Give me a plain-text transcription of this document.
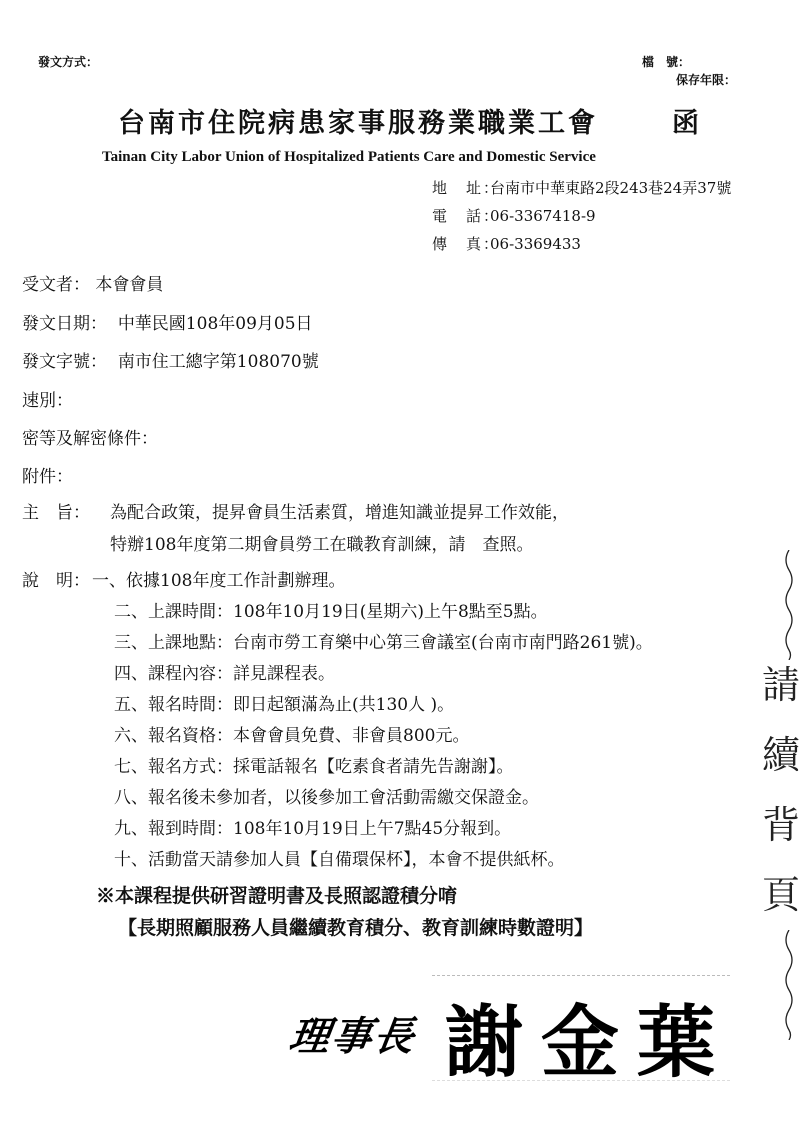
發文方式：	檔　號：
保存年限：
台南市住院病患家事服務業職業工會	函
Tainan City Labor Union of Hospitalized Patients Care and Domestic Service
地　址：台南市中華東路2段243巷24弄37號
電　話：06-3367418-9
傳　真：06-3369433
受文者： 本會會員
發文日期： 中華民國108年09月05日
發文字號： 南市住工總字第108070號
速別：
密等及解密條件：
附件：
主　旨： 為配合政策，提昇會員生活素質，增進知識並提昇工作效能，
特辦108年度第二期會員勞工在職教育訓練，請　查照。
說　明： 一、依據108年度工作計劃辦理。
二、上課時間：108年10月19日(星期六)上午8點至5點。
三、上課地點：台南市勞工育樂中心第三會議室(台南市南門路261號)。
四、課程內容：詳見課程表。
五、報名時間：即日起額滿為止(共130人 )。
六、報名資格：本會會員免費、非會員800元。
七、報名方式：採電話報名【吃素食者請先告謝謝】。
八、報名後未參加者，以後參加工會活動需繳交保證金。
九、報到時間：108年10月19日上午7點45分報到。
十、活動當天請參加人員【自備環保杯】，本會不提供紙杯。
※本課程提供研習證明書及長照認證積分唷
【長期照顧服務人員繼續教育積分、教育訓練時數證明】
理事長 謝金葉
請續背頁
